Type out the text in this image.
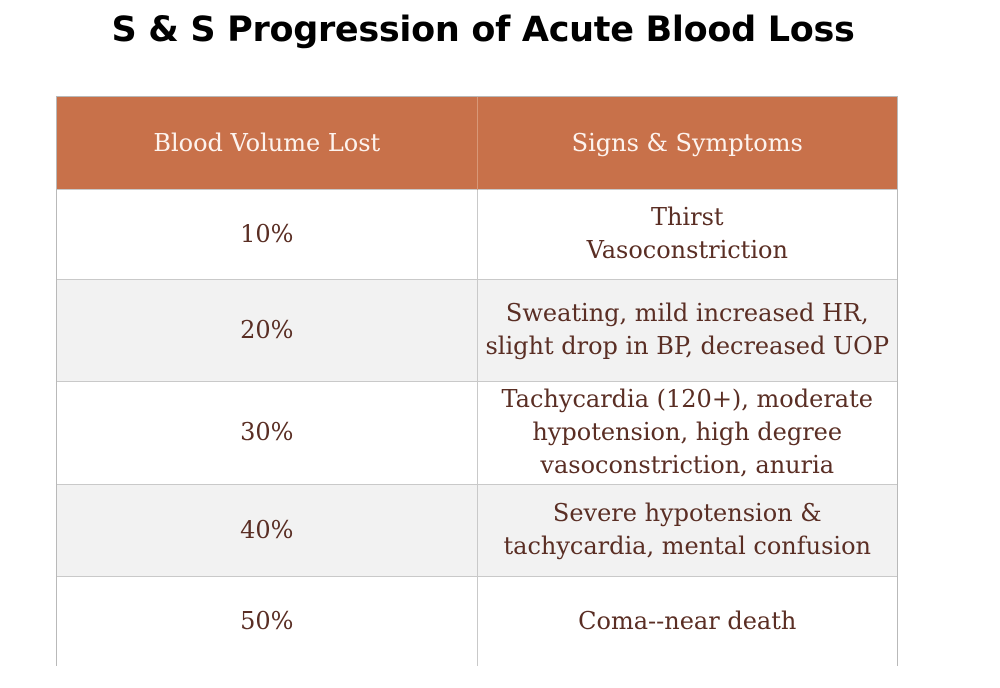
S & S Progression of Acute Blood Loss
Blood Volume Lost	Signs & Symptoms
10%	Thirst
Vasoconstriction

20%	Sweating, mild increased HR,
slight drop in BP, decreased UOP

30%	Tachycardia (120+), moderate
hypotension, high degree
vasoconstriction, anuria

40%	Severe hypotension &
tachycardia, mental confusion

50%	Coma--near death
